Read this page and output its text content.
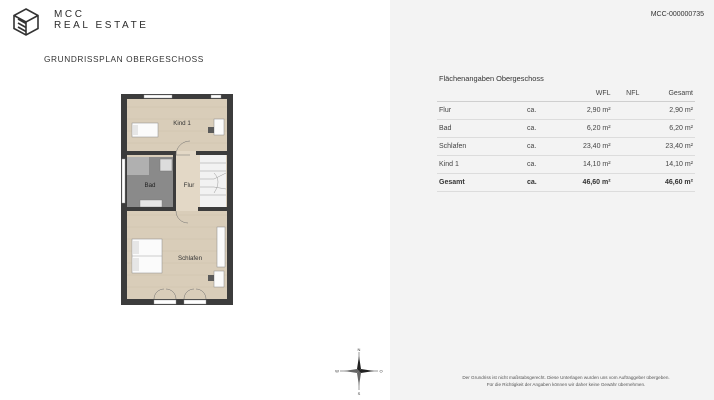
MCC
REAL ESTATE
GRUNDRISSPLAN OBERGESCHOSS
Kind 1
Bad	Flur
Schlafen
N
S
O
W
MCC-000000735
Flächenangaben Obergeschoss
		WFL	NFL	Gesamt
Flur	ca.	2,90 m²		2,90 m²
Bad	ca.	6,20 m²		6,20 m²
Schlafen	ca.	23,40 m²		23,40 m²
Kind 1	ca.	14,10 m²		14,10 m²
Gesamt	ca.	46,60 m²		46,60 m²
Der Grundriss ist nicht maßstabsgerecht. Diese Unterlagen wurden uns vom Auftraggeber übergeben.
Für die Richtigkeit der Angaben können wir daher keine Gewähr übernehmen.
